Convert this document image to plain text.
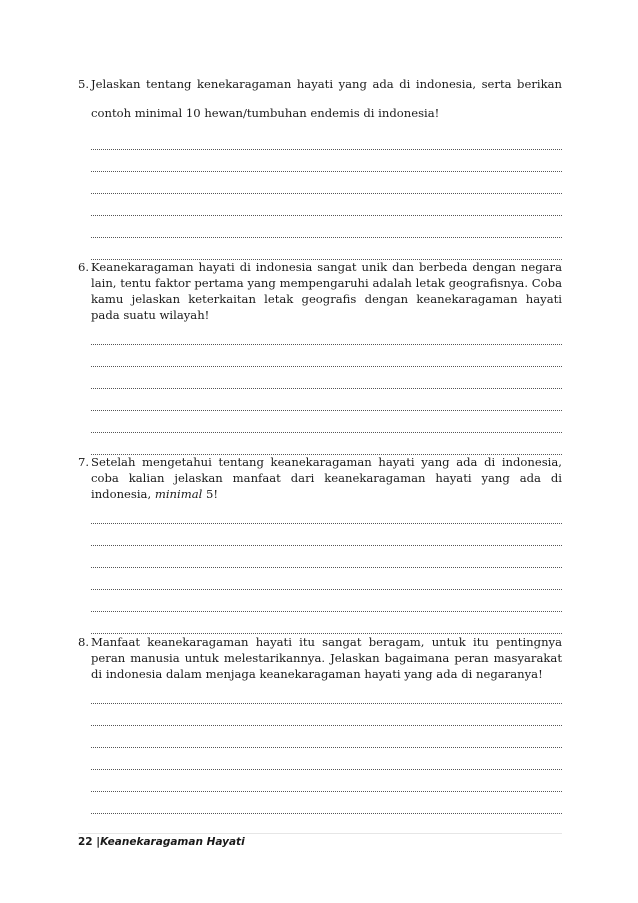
5. Jelaskan tentang kenekaragaman hayati yang ada di indonesia, serta berikan contoh minimal 10 hewan/tumbuhan endemis di indonesia!

6. Keanekaragaman hayati di indonesia sangat unik dan berbeda dengan negara lain, tentu faktor pertama yang mempengaruhi adalah letak geografisnya. Coba kamu jelaskan keterkaitan letak geografis dengan keanekaragaman hayati pada suatu wilayah!

7. Setelah mengetahui tentang keanekaragaman hayati yang ada di indonesia, coba kalian jelaskan manfaat dari keanekaragaman hayati yang ada di indonesia, minimal 5!

8. Manfaat keanekaragaman hayati itu sangat beragam, untuk itu pentingnya peran manusia untuk melestarikannya. Jelaskan bagaimana peran masyarakat di indonesia dalam menjaga keanekaragaman hayati yang ada di negaranya!

22 |Keanekaragaman Hayati
